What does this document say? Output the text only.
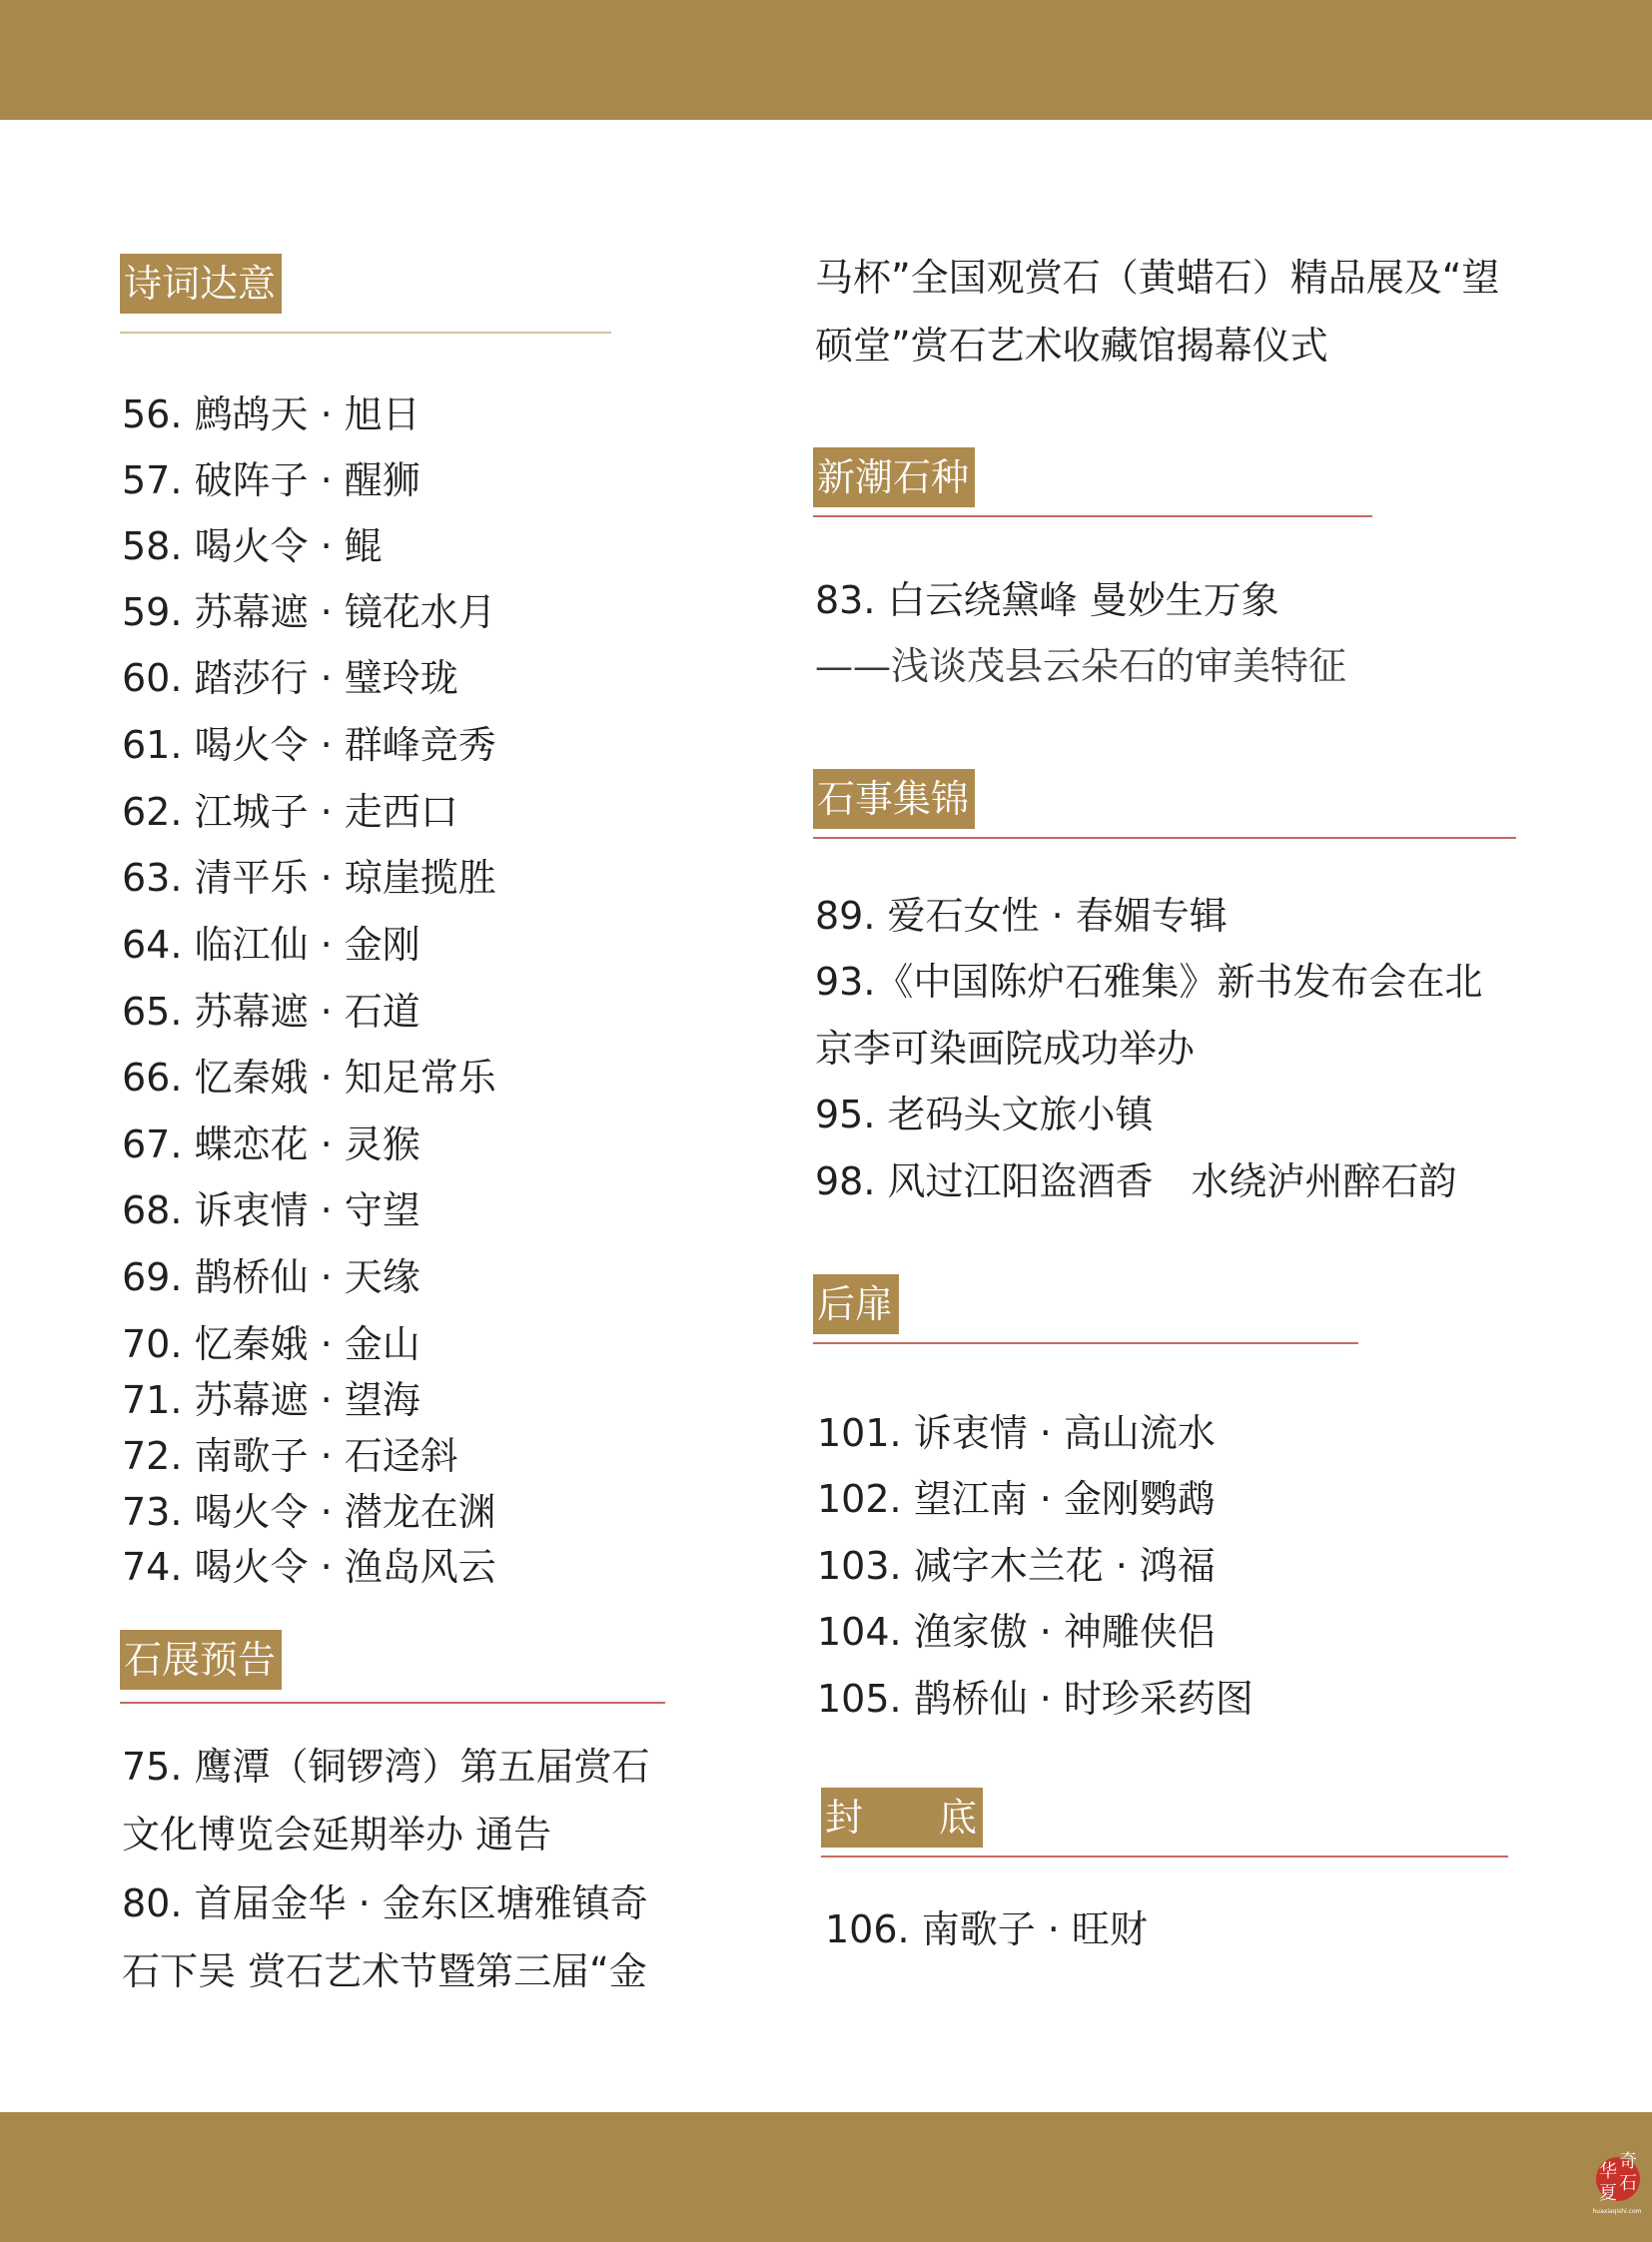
诗词达意
56. 鹧鸪天 · 旭日
57. 破阵子 · 醒狮
58. 喝火令 · 鲲
59. 苏幕遮 · 镜花水月
60. 踏莎行 · 璧玲珑
61. 喝火令 · 群峰竞秀
62. 江城子 · 走西口
63. 清平乐 · 琼崖揽胜
64. 临江仙 · 金刚
65. 苏幕遮 · 石道
66. 忆秦娥 · 知足常乐
67. 蝶恋花 · 灵猴
68. 诉衷情 · 守望
69. 鹊桥仙 · 天缘
70. 忆秦娥 · 金山
71. 苏幕遮 · 望海
72. 南歌子 · 石迳斜
73. 喝火令 · 潜龙在渊
74. 喝火令 · 渔岛风云
石展预告
75. 鹰潭（铜锣湾）第五届赏石
文化博览会延期举办 通告
80. 首届金华 · 金东区塘雅镇奇
石下吴 赏石艺术节暨第三届“金
马杯”全国观赏石（黄蜡石）精品展及“望
硕堂”赏石艺术收藏馆揭幕仪式
新潮石种
83. 白云绕黛峰 曼妙生万象
——浅谈茂县云朵石的审美特征
石事集锦
89. 爱石女性 · 春媚专辑
93.《中国陈炉石雅集》新书发布会在北
京李可染画院成功举办
95. 老码头文旅小镇
98. 风过江阳盗酒香　水绕泸州醉石韵
后扉
101. 诉衷情 · 高山流水
102. 望江南 · 金刚鹦鹉
103. 减字木兰花 · 鸿福
104. 渔家傲 · 神雕侠侣
105. 鹊桥仙 · 时珍采药图
封　　底
106. 南歌子 · 旺财
奇
石
华
夏
huaxiaqishi.com
